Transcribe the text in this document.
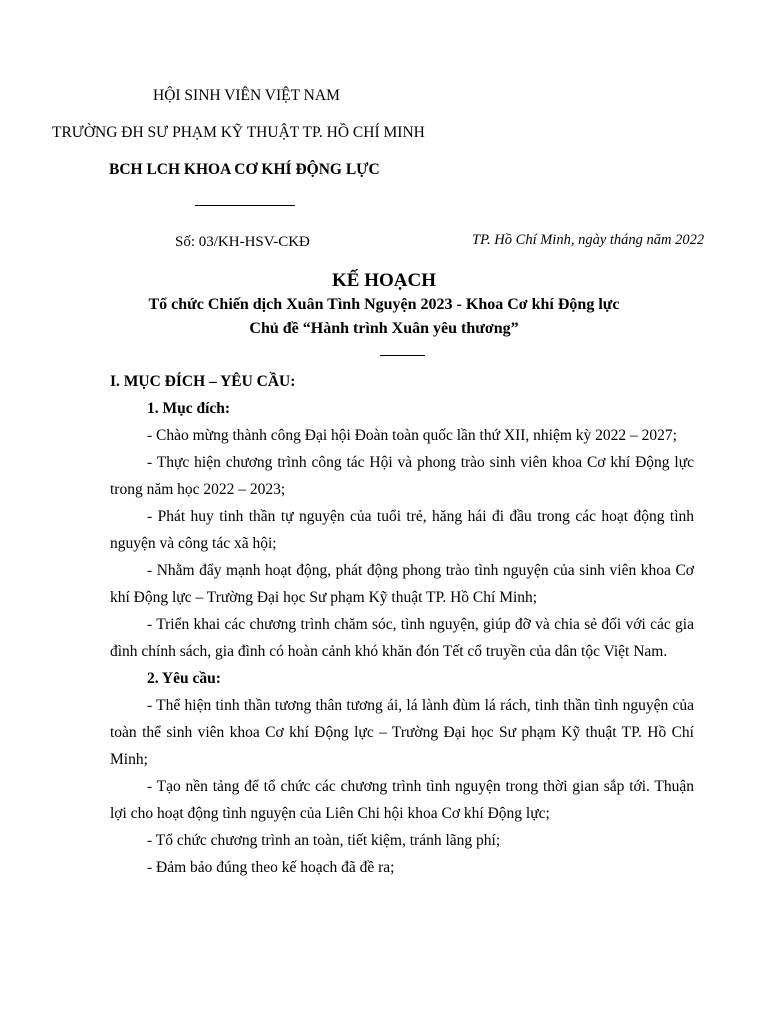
HỘI SINH VIÊN VIỆT NAM
TRƯỜNG ĐH SƯ PHẠM KỸ THUẬT TP. HỒ CHÍ MINH
BCH LCH KHOA CƠ KHÍ ĐỘNG LỰC
Số: 03/KH-HSV-CKĐ	TP. Hồ Chí Minh, ngày tháng năm 2022
KẾ HOẠCH
Tổ chức Chiến dịch Xuân Tình Nguyện 2023 - Khoa Cơ khí Động lực
Chủ đề “Hành trình Xuân yêu thương”

I. MỤC ĐÍCH – YÊU CẦU:

1. Mục đích:

- Chào mừng thành công Đại hội Đoàn toàn quốc lần thứ XII, nhiệm kỳ 2022 – 2027;

- Thực hiện chương trình công tác Hội và phong trào sinh viên khoa Cơ khí Động lực trong năm học 2022 – 2023;

- Phát huy tinh thần tự nguyện của tuổi trẻ, hăng hái đi đầu trong các hoạt động tình nguyện và công tác xã hội;

- Nhằm đẩy mạnh hoạt động, phát động phong trào tình nguyện của sinh viên khoa Cơ khí Động lực – Trường Đại học Sư phạm Kỹ thuật TP. Hồ Chí Minh;

- Triển khai các chương trình chăm sóc, tình nguyện, giúp đỡ và chia sẻ đối với các gia đình chính sách, gia đình có hoàn cảnh khó khăn đón Tết cổ truyền của dân tộc Việt Nam.

2. Yêu cầu:

- Thể hiện tinh thần tương thân tương ái, lá lành đùm lá rách, tinh thần tình nguyện của toàn thể sinh viên khoa Cơ khí Động lực – Trường Đại học Sư phạm Kỹ thuật TP. Hồ Chí Minh;

- Tạo nền tảng để tổ chức các chương trình tình nguyện trong thời gian sắp tới. Thuận lợi cho hoạt động tình nguyện của Liên Chi hội khoa Cơ khí Động lực;

- Tổ chức chương trình an toàn, tiết kiệm, tránh lãng phí;

- Đảm bảo đúng theo kế hoạch đã đề ra;
